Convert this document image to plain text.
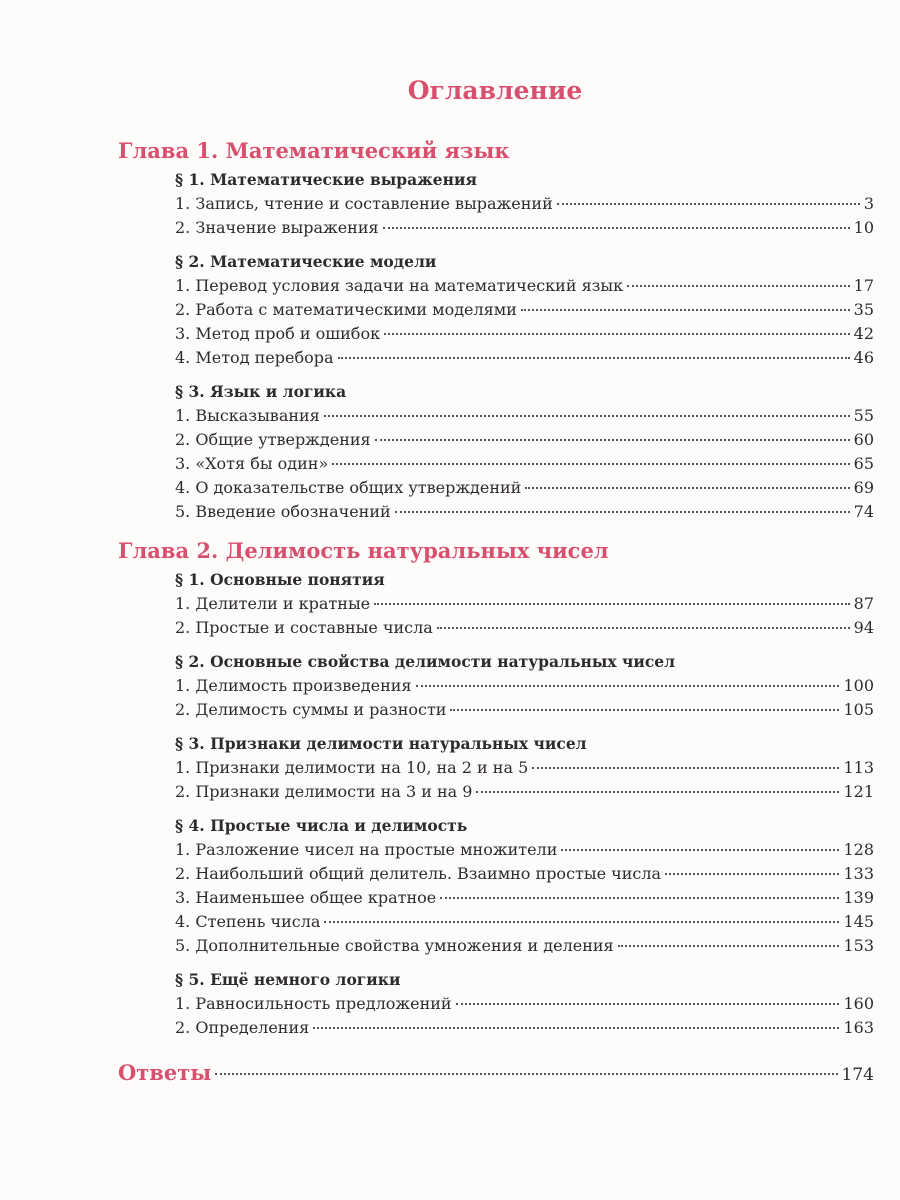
Оглавление
Глава 1. Математический язык
§ 1. Математические выражения
1. Запись, чтение и составление выражений	3
2. Значение выражения	10
§ 2. Математические модели
1. Перевод условия задачи на математический язык	17
2. Работа с математическими моделями	35
3. Метод проб и ошибок	42
4. Метод перебора	46
§ 3. Язык и логика
1. Высказывания	55
2. Общие утверждения	60
3. «Хотя бы один»	65
4. О доказательстве общих утверждений	69
5. Введение обозначений	74
Глава 2. Делимость натуральных чисел
§ 1. Основные понятия
1. Делители и кратные	87
2. Простые и составные числа	94
§ 2. Основные свойства делимости натуральных чисел
1. Делимость произведения	100
2. Делимость суммы и разности	105
§ 3. Признаки делимости натуральных чисел
1. Признаки делимости на 10, на 2 и на 5	113
2. Признаки делимости на 3 и на 9	121
§ 4. Простые числа и делимость
1. Разложение чисел на простые множители	128
2. Наибольший общий делитель. Взаимно простые числа	133
3. Наименьшее общее кратное	139
4. Степень числа	145
5. Дополнительные свойства умножения и деления	153
§ 5. Ещё немного логики
1. Равносильность предложений	160
2. Определения	163
Ответы	174
